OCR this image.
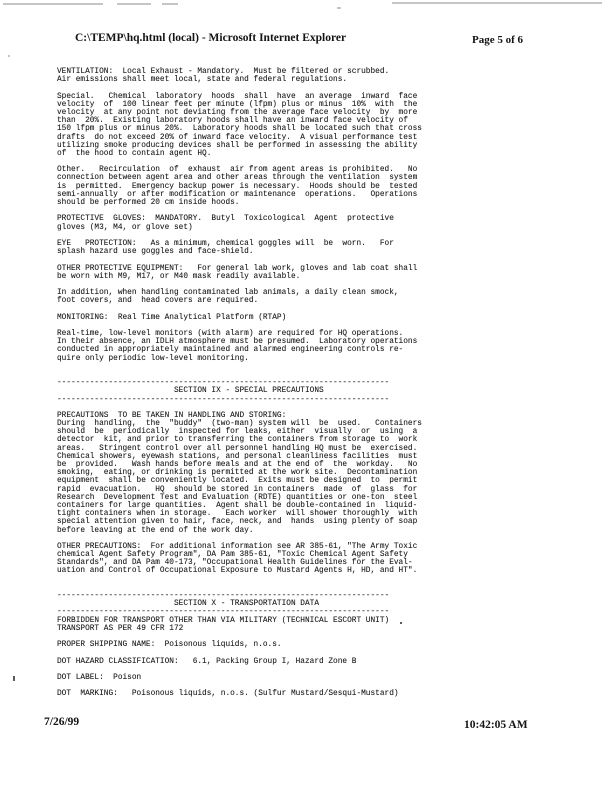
C:\TEMP\hq.html (local) - Microsoft Internet Explorer	Page 5 of 6
VENTILATION:  Local Exhaust - Mandatory.  Must be filtered or scrubbed.
Air emissions shall meet local, state and federal regulations.

Special.   Chemical  laboratory  hoods  shall  have  an average  inward  face
velocity  of  100 linear feet per minute (lfpm) plus or minus  10%  with  the
velocity  at any point not deviating from the average face velocity  by  more
than  20%.  Existing laboratory hoods shall have an inward face velocity of
150 lfpm plus or minus 20%.  Laboratory hoods shall be located such that cross
drafts  do not exceed 20% of inward face velocity.  A visual performance test
utilizing smoke producing devices shall be performed in assessing the ability
of  the hood to contain agent HQ.

Other.   Recirculation  of  exhaust  air from agent areas is prohibited.   No
connection between agent area and other areas through the ventilation  system
is  permitted.  Emergency backup power is necessary.  Hoods should be  tested
semi-annually  or after modification or maintenance  operations.   Operations
should be performed 20 cm inside hoods.

PROTECTIVE  GLOVES:  MANDATORY.  Butyl  Toxicological  Agent  protective
gloves (M3, M4, or glove set)

EYE   PROTECTION:   As a minimum, chemical goggles will  be  worn.   For
splash hazard use goggles and face-shield.

OTHER PROTECTIVE EQUIPMENT:   For general lab work, gloves and lab coat shall
be worn with M9, M17, or M40 mask readily available.

In addition, when handling contaminated lab animals, a daily clean smock,
foot covers, and  head covers are required.

MONITORING:  Real Time Analytical Platform (RTAP)

Real-time, low-level monitors (with alarm) are required for HQ operations.
In their absence, an IDLH atmosphere must be presumed.  Laboratory operations
conducted in appropriately maintained and alarmed engineering controls re-
quire only periodic low-level monitoring.

-----------------------------------------------------------------------
SECTION IX - SPECIAL PRECAUTIONS
-----------------------------------------------------------------------

PRECAUTIONS  TO BE TAKEN IN HANDLING AND STORING:
During  handling,  the  "buddy"  (two-man) system will  be  used.   Containers
should  be  periodically  inspected for leaks, either  visually  or  using  a
detector  kit, and prior to transferring the containers from storage to  work
areas.   Stringent control over all personnel handling HQ must be  exercised.
Chemical showers, eyewash stations, and personal cleanliness facilities  must
be  provided.   Wash hands before meals and at the end of  the  workday.   No
smoking,  eating, or drinking is permitted at the work site.  Decontamination
equipment  shall be conveniently located.  Exits must be designed  to  permit
rapid  evacuation.   HQ  should be stored in containers  made  of  glass  for
Research  Development Test and Evaluation (RDTE) quantities or one-ton  steel
containers for large quantities.  Agent shall be double-contained in  liquid-
tight containers when in storage.   Each worker  will shower thoroughly  with
special attention given to hair, face, neck, and  hands  using plenty of soap
before leaving at the end of the work day.

OTHER PRECAUTIONS:  For additional information see AR 385-61, "The Army Toxic
chemical Agent Safety Program", DA Pam 385-61, "Toxic Chemical Agent Safety
Standards", and DA Pam 40-173, "Occupational Health Guidelines for the Eval-
uation and Control of Occupational Exposure to Mustard Agents H, HD, and HT".

-----------------------------------------------------------------------
SECTION X - TRANSPORTATION DATA
-----------------------------------------------------------------------
FORBIDDEN FOR TRANSPORT OTHER THAN VIA MILITARY (TECHNICAL ESCORT UNIT)
TRANSPORT AS PER 49 CFR 172

PROPER SHIPPING NAME:  Poisonous liquids, n.o.s.

DOT HAZARD CLASSIFICATION:   6.1, Packing Group I, Hazard Zone B

DOT LABEL:  Poison

DOT  MARKING:   Poisonous liquids, n.o.s. (Sulfur Mustard/Sesqui-Mustard)
7/26/99	10:42:05 AM
